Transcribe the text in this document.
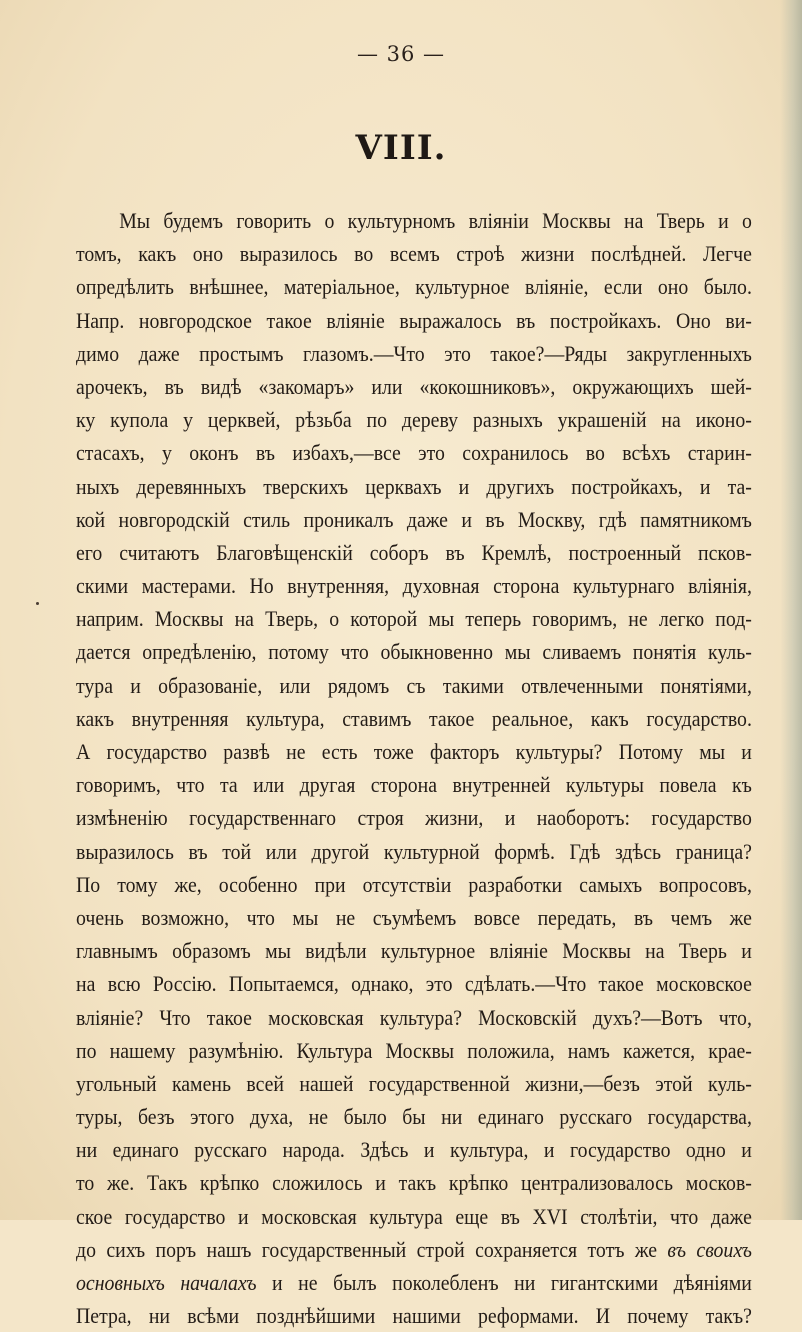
— 36 —
VIII.
Мы будемъ говорить о культурномъ вліяніи Москвы на Тверь и о
томъ, какъ оно выразилось во всемъ строѣ жизни послѣдней. Легче
опредѣлить внѣшнее, матеріальное, культурное вліяніе, если оно было.
Напр. новгородское такое вліяніе выражалось въ постройкахъ. Оно ви-
димо даже простымъ глазомъ.—Что это такое?—Ряды закругленныхъ
арочекъ, въ видѣ «закомаръ» или «кокошниковъ», окружающихъ шей-
ку купола у церквей, рѣзьба по дереву разныхъ украшеній на иконо-
стасахъ, у оконъ въ избахъ,—все это сохранилось во всѣхъ старин-
ныхъ деревянныхъ тверскихъ церквахъ и другихъ постройкахъ, и та-
кой новгородскій стиль проникалъ даже и въ Москву, гдѣ памятникомъ
его считаютъ Благовѣщенскій соборъ въ Кремлѣ, построенный псков-
скими мастерами. Но внутренняя, духовная сторона культурнаго вліянія,
наприм. Москвы на Тверь, о которой мы теперь говоримъ, не легко под-
дается опредѣленію, потому что обыкновенно мы сливаемъ понятія куль-
тура и образованіе, или рядомъ съ такими отвлеченными понятіями,
какъ внутренняя культура, ставимъ такое реальное, какъ государство.
А государство развѣ не есть тоже факторъ культуры? Потому мы и
говоримъ, что та или другая сторона внутренней культуры повела къ
измѣненію государственнаго строя жизни, и наоборотъ: государство
выразилось въ той или другой культурной формѣ. Гдѣ здѣсь граница?
По тому же, особенно при отсутствіи разработки самыхъ вопросовъ,
очень возможно, что мы не съумѣемъ вовсе передать, въ чемъ же
главнымъ образомъ мы видѣли культурное вліяніе Москвы на Тверь и
на всю Россію. Попытаемся, однако, это сдѣлать.—Что такое московское
вліяніе? Что такое московская культура? Московскій духъ?—Вотъ что,
по нашему разумѣнію. Культура Москвы положила, намъ кажется, крае-
угольный камень всей нашей государственной жизни,—безъ этой куль-
туры, безъ этого духа, не было бы ни единаго русскаго государства,
ни единаго русскаго народа. Здѣсь и культура, и государство одно и
то же. Такъ крѣпко сложилось и такъ крѣпко централизовалось москов-
ское государство и московская культура еще въ XVI столѣтіи, что даже
до сихъ поръ нашъ государственный строй сохраняется тотъ же въ своихъ
основныхъ началахъ и не былъ поколебленъ ни гигантскими дѣяніями
Петра, ни всѣми позднѣйшими нашими реформами. И почему такъ?
